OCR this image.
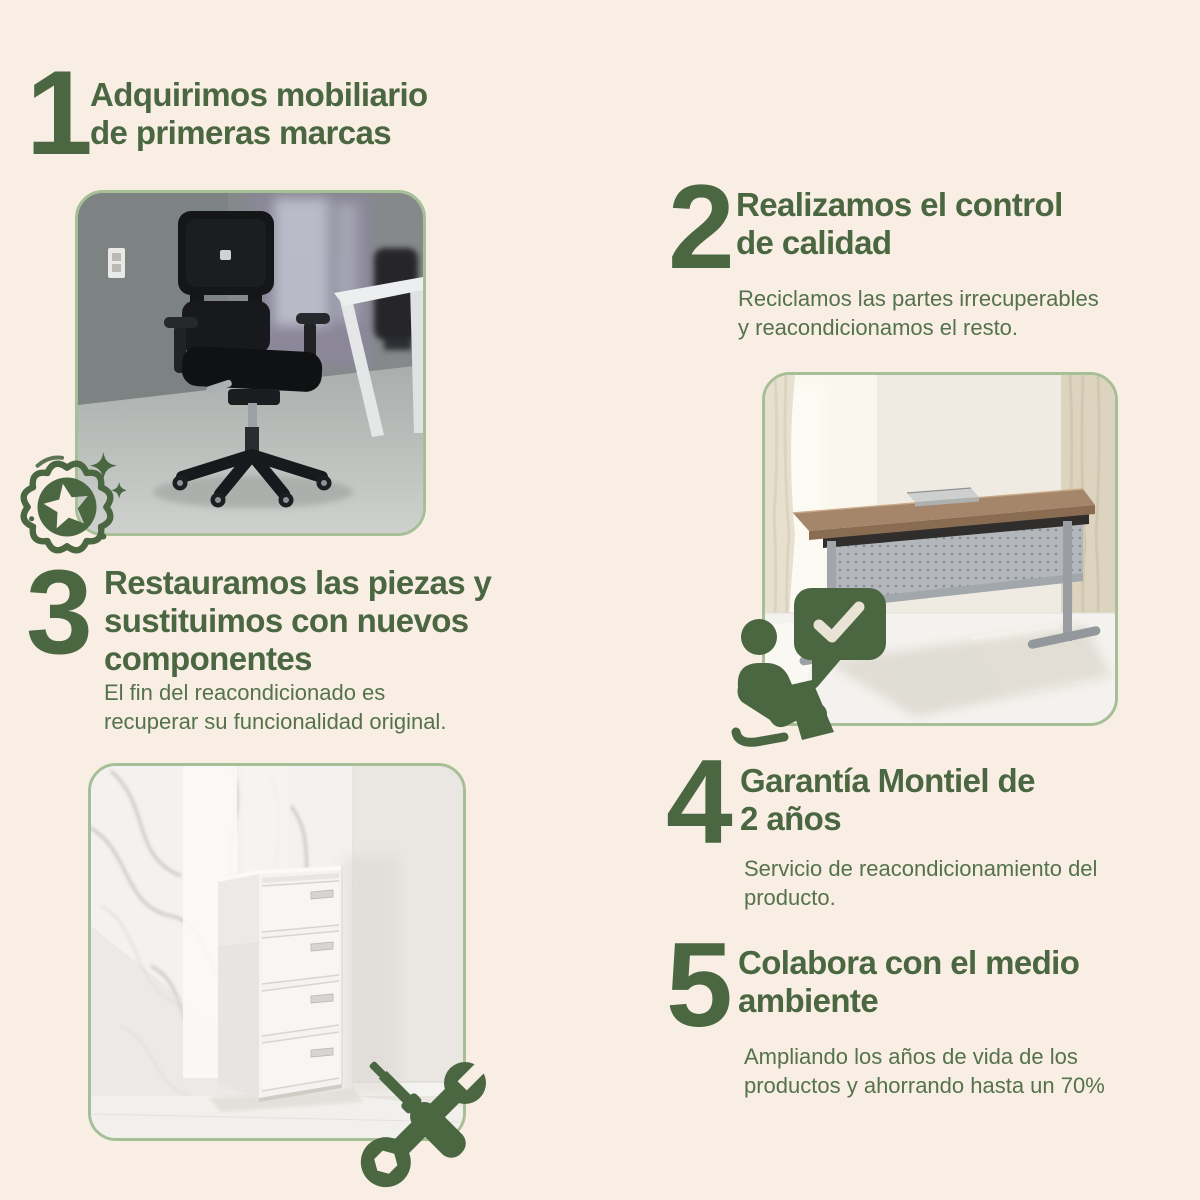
1
Adquirimos mobiliario
de primeras marcas
3 Restauramos las piezas y
sustituimos con nuevos
componentes
El fin del reacondicionado es
recuperar su funcionalidad original.
2 Realizamos el control
de calidad
Reciclamos las partes irrecuperables
y reacondicionamos el resto.
4 Garantía Montiel de
2 años
Servicio de reacondicionamiento del
producto.
5 Colabora con el medio
ambiente
Ampliando los años de vida de los
productos y ahorrando hasta un 70%
